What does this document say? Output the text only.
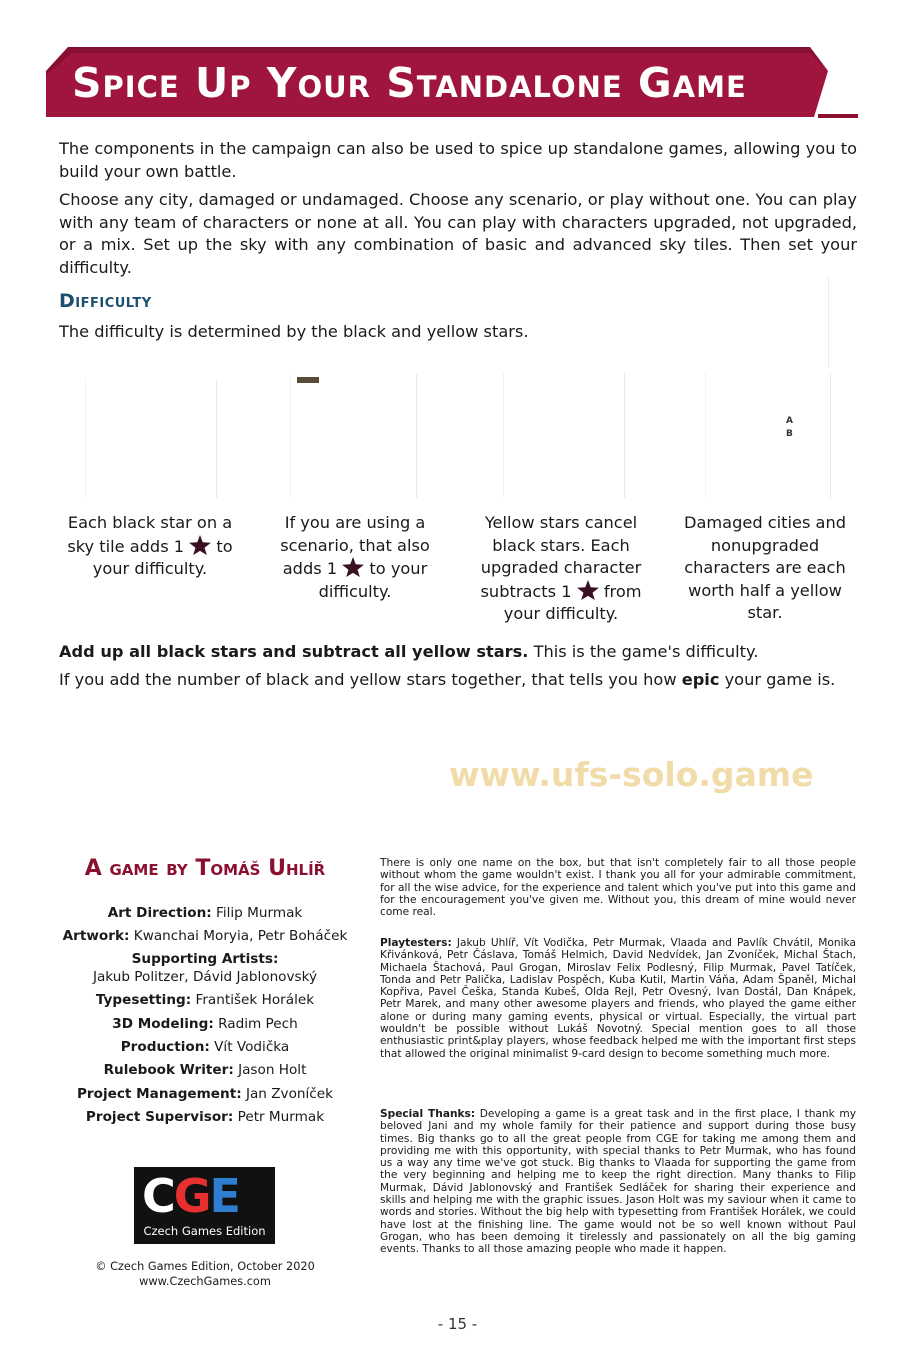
Spice Up Your Standalone Game

The components in the campaign can also be used to spice up standalone games, allowing you to build your own battle.

Choose any city, damaged or undamaged. Choose any scenario, or play without one. You can play with any team of characters or none at all. You can play with characters upgraded, not upgraded, or a mix. Set up the sky with any combination of basic and advanced sky tiles. Then set your difficulty.

Difficulty

The difficulty is determined by the black and yellow stars.

A
B

Each black star on a sky tile adds 1  to your difficulty.

If you are using a scenario, that also adds 1  to your difficulty.

Yellow stars cancel black stars. Each upgraded character subtracts 1  from your difficulty.

Damaged cities and nonupgraded characters are each worth half a yellow star.

Add up all black stars and subtract all yellow stars. This is the game's difficulty.

If you add the number of black and yellow stars together, that tells you how epic your game is.

www.ufs-solo.game
A game by Tomáš Uhlíř

Art Direction: Filip Murmak

Artwork: Kwanchai Moryia, Petr Boháček

Supporting Artists:
Jakub Politzer, Dávid Jablonovský

Typesetting: František Horálek

3D Modeling: Radim Pech

Production: Vít Vodička

Rulebook Writer: Jason Holt

Project Management: Jan Zvoníček

Project Supervisor: Petr Murmak

CGE
Czech Games Edition

© Czech Games Edition, October 2020

www.CzechGames.com

There is only one name on the box, but that isn't completely fair to all those people without whom the game wouldn't exist. I thank you all for your admirable commitment, for all the wise advice, for the experience and talent which you've put into this game and for the encouragement you've given me. Without you, this dream of mine would never come real.

Playtesters: Jakub Uhlíř, Vít Vodička, Petr Murmak, Vlaada and Pavlík Chvátil, Monika Křivánková, Petr Čáslava, Tomáš Helmich, David Nedvídek, Jan Zvoníček, Michal Štach, Michaela Štachová, Paul Grogan, Miroslav Felix Podlesný, Filip Murmak, Pavel Tatíček, Tonda and Petr Palička, Ladislav Pospěch, Kuba Kutil, Martin Váňa, Adam Španěl, Michal Kopřiva, Pavel Češka, Standa Kubeš, Olda Rejl, Petr Ovesný, Ivan Dostál, Dan Knápek, Petr Marek, and many other awesome players and friends, who played the game either alone or during many gaming events, physical or virtual. Especially, the virtual part wouldn't be possible without Lukáš Novotný. Special mention goes to all those enthusiastic print&play players, whose feedback helped me with the important first steps that allowed the original minimalist 9-card design to become something much more.

Special Thanks: Developing a game is a great task and in the first place, I thank my beloved Jani and my whole family for their patience and support during those busy times. Big thanks go to all the great people from CGE for taking me among them and providing me with this opportunity, with special thanks to Petr Murmak, who has found us a way any time we've got stuck. Big thanks to Vlaada for supporting the game from the very beginning and helping me to keep the right direction. Many thanks to Filip Murmak, Dávid Jablonovský and František Sedláček for sharing their experience and skills and helping me with the graphic issues. Jason Holt was my saviour when it came to words and stories. Without the big help with typesetting from František Horálek, we could have lost at the finishing line. The game would not be so well known without Paul Grogan, who has been demoing it tirelessly and passionately on all the big gaming events. Thanks to all those amazing people who made it happen.

- 15 -
